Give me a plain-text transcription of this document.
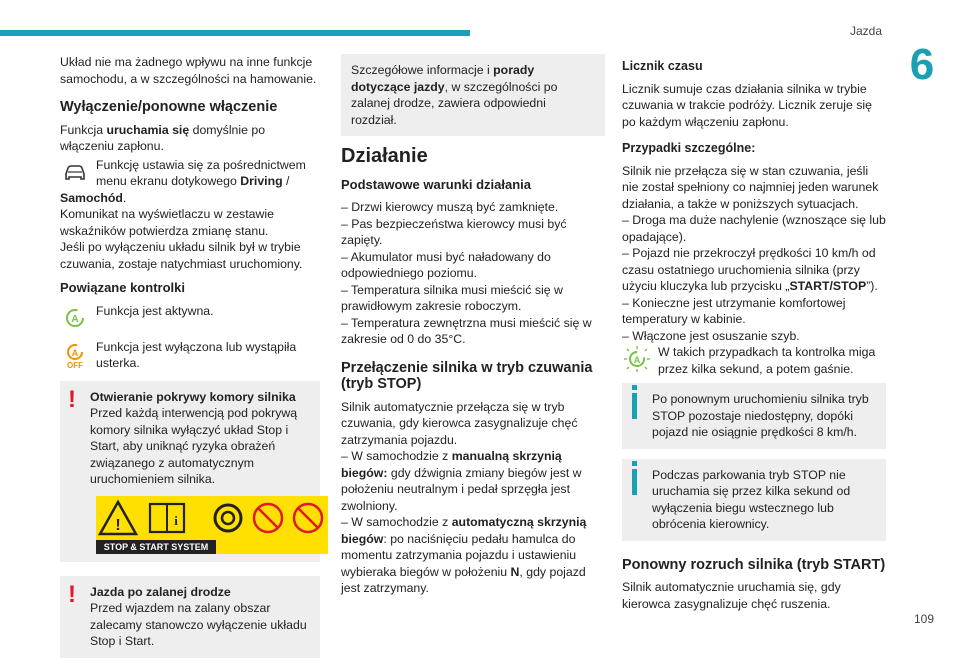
Jazda
6
109

Układ nie ma żadnego wpływu na inne funkcje samochodu, a w szczególności na hamowanie.

Wyłączenie/ponowne włączenie

Funkcja uruchamia się domyślnie po włączeniu zapłonu.

Funkcję ustawia się za pośrednictwem menu ekranu dotykowego Driving /

Samochód.

Komunikat na wyświetlaczu w zestawie wskaźników potwierdza zmianę stanu.

Jeśli po wyłączeniu układu silnik był w trybie czuwania, zostaje natychmiast uruchomiony.

Powiązane kontrolki
A
Funkcja jest aktywna.
A
OFF
Funkcja jest wyłączona lub wystąpiła usterka.
! Otwieranie pokrywy komory silnika
Przed każdą interwencją pod pokrywą komory silnika wyłączyć układ Stop i Start, aby uniknąć ryzyka obrażeń związanego z automatycznym uruchomieniem silnika.
!	i
STOP & START SYSTEM
! Jazda po zalanej drodze
Przed wjazdem na zalany obszar zalecamy stanowczo wyłączenie układu Stop i Start.
Szczegółowe informacje i porady dotyczące jazdy, w szczególności po zalanej drodze, zawiera odpowiedni rozdział.
Działanie
Podstawowe warunki działania

– Drzwi kierowcy muszą być zamknięte.

– Pas bezpieczeństwa kierowcy musi być zapięty.

– Akumulator musi być naładowany do odpowiedniego poziomu.

– Temperatura silnika musi mieścić się w prawidłowym zakresie roboczym.

– Temperatura zewnętrzna musi mieścić się w zakresie od 0 do 35°C.

Przełączenie silnika w tryb czuwania (tryb STOP)

Silnik automatycznie przełącza się w tryb czuwania, gdy kierowca zasygnalizuje chęć zatrzymania pojazdu.

– W samochodzie z manualną skrzynią biegów: gdy dźwignia zmiany biegów jest w położeniu neutralnym i pedał sprzęgła jest zwolniony.

– W samochodzie z automatyczną skrzynią biegów: po naciśnięciu pedału hamulca do momentu zatrzymania pojazdu i ustawieniu wybieraka biegów w położeniu N, gdy pojazd jest zatrzymany.

Licznik czasu

Licznik sumuje czas działania silnika w trybie czuwania w trakcie podróży. Licznik zeruje się po każdym włączeniu zapłonu.

Przypadki szczególne:

Silnik nie przełącza się w stan czuwania, jeśli nie został spełniony co najmniej jeden warunek działania, a także w poniższych sytuacjach.

– Droga ma duże nachylenie (wznoszące się lub opadające).

– Pojazd nie przekroczył prędkości 10 km/h od czasu ostatniego uruchomienia silnika (przy użyciu kluczyka lub przycisku „START/STOP”).

– Konieczne jest utrzymanie komfortowej temperatury w kabinie.

– Włączone jest osuszanie szyb.

A
W takich przypadkach ta kontrolka miga przez kilka sekund, a potem gaśnie.
Po ponownym uruchomieniu silnika tryb STOP pozostaje niedostępny, dopóki pojazd nie osiągnie prędkości 8 km/h.
Podczas parkowania tryb STOP nie uruchamia się przez kilka sekund od wyłączenia biegu wstecznego lub obrócenia kierownicy.
Ponowny rozruch silnika (tryb START)

Silnik automatycznie uruchamia się, gdy kierowca zasygnalizuje chęć ruszenia.
